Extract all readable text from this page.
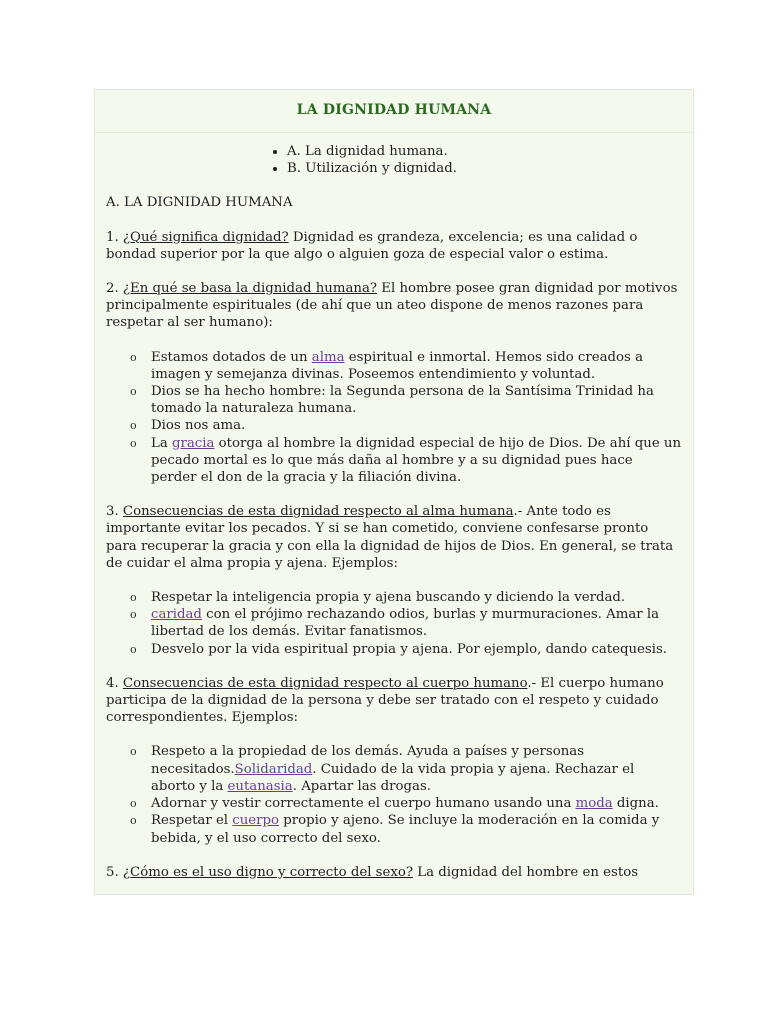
LA DIGNIDAD HUMANA
• A. La dignidad humana.
• B. Utilización y dignidad.

A. LA DIGNIDAD HUMANA

1. ¿Qué significa dignidad? Dignidad es grandeza, excelencia; es una calidad o bondad superior por la que algo o alguien goza de especial valor o estima.

2. ¿En qué se basa la dignidad humana? El hombre posee gran dignidad por motivos principalmente espirituales (de ahí que un ateo dispone de menos razones para respetar al ser humano):

o Estamos dotados de un alma espiritual e inmortal. Hemos sido creados a imagen y semejanza divinas. Poseemos entendimiento y voluntad.
o Dios se ha hecho hombre: la Segunda persona de la Santísima Trinidad ha tomado la naturaleza humana.
o Dios nos ama.
o La gracia otorga al hombre la dignidad especial de hijo de Dios. De ahí que un pecado mortal es lo que más daña al hombre y a su dignidad pues hace perder el don de la gracia y la filiación divina.

3. Consecuencias de esta dignidad respecto al alma humana.- Ante todo es importante evitar los pecados. Y si se han cometido, conviene confesarse pronto para recuperar la gracia y con ella la dignidad de hijos de Dios. En general, se trata de cuidar el alma propia y ajena. Ejemplos:

o Respetar la inteligencia propia y ajena buscando y diciendo la verdad.
o caridad con el prójimo rechazando odios, burlas y murmuraciones. Amar la libertad de los demás. Evitar fanatismos.
o Desvelo por la vida espiritual propia y ajena. Por ejemplo, dando catequesis.

4. Consecuencias de esta dignidad respecto al cuerpo humano.- El cuerpo humano participa de la dignidad de la persona y debe ser tratado con el respeto y cuidado correspondientes. Ejemplos:

o Respeto a la propiedad de los demás. Ayuda a países y personas necesitados.Solidaridad. Cuidado de la vida propia y ajena. Rechazar el aborto y la eutanasia. Apartar las drogas.
o Adornar y vestir correctamente el cuerpo humano usando una moda digna.
o Respetar el cuerpo propio y ajeno. Se incluye la moderación en la comida y bebida, y el uso correcto del sexo.

5. ¿Cómo es el uso digno y correcto del sexo? La dignidad del hombre en estos
